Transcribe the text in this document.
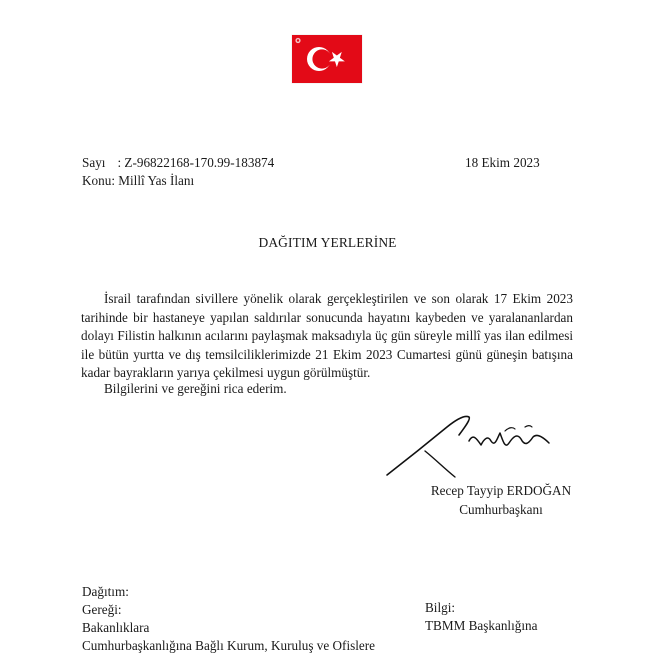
Sayı : Z-96822168-170.99-183874
Konu: Millî Yas İlanı
18 Ekim 2023
DAĞITIM YERLERİNE

İsrail tarafından sivillere yönelik olarak gerçekleştirilen ve son olarak 17 Ekim 2023 tarihinde bir hastaneye yapılan saldırılar sonucunda hayatını kaybeden ve yaralananlardan dolayı Filistin halkının acılarını paylaşmak maksadıyla üç gün süreyle millî yas ilan edilmesi ile bütün yurtta ve dış temsilciliklerimizde 21 Ekim 2023 Cumartesi günü güneşin batışına kadar bayrakların yarıya çekilmesi uygun görülmüştür.

Bilgilerini ve gereğini rica ederim.
Recep Tayyip ERDOĞAN
Cumhurbaşkanı
Dağıtım:
Gereği:
Bakanlıklara
Cumhurbaşkanlığına Bağlı Kurum, Kuruluş ve Ofislere
Bilgi:
TBMM Başkanlığına
